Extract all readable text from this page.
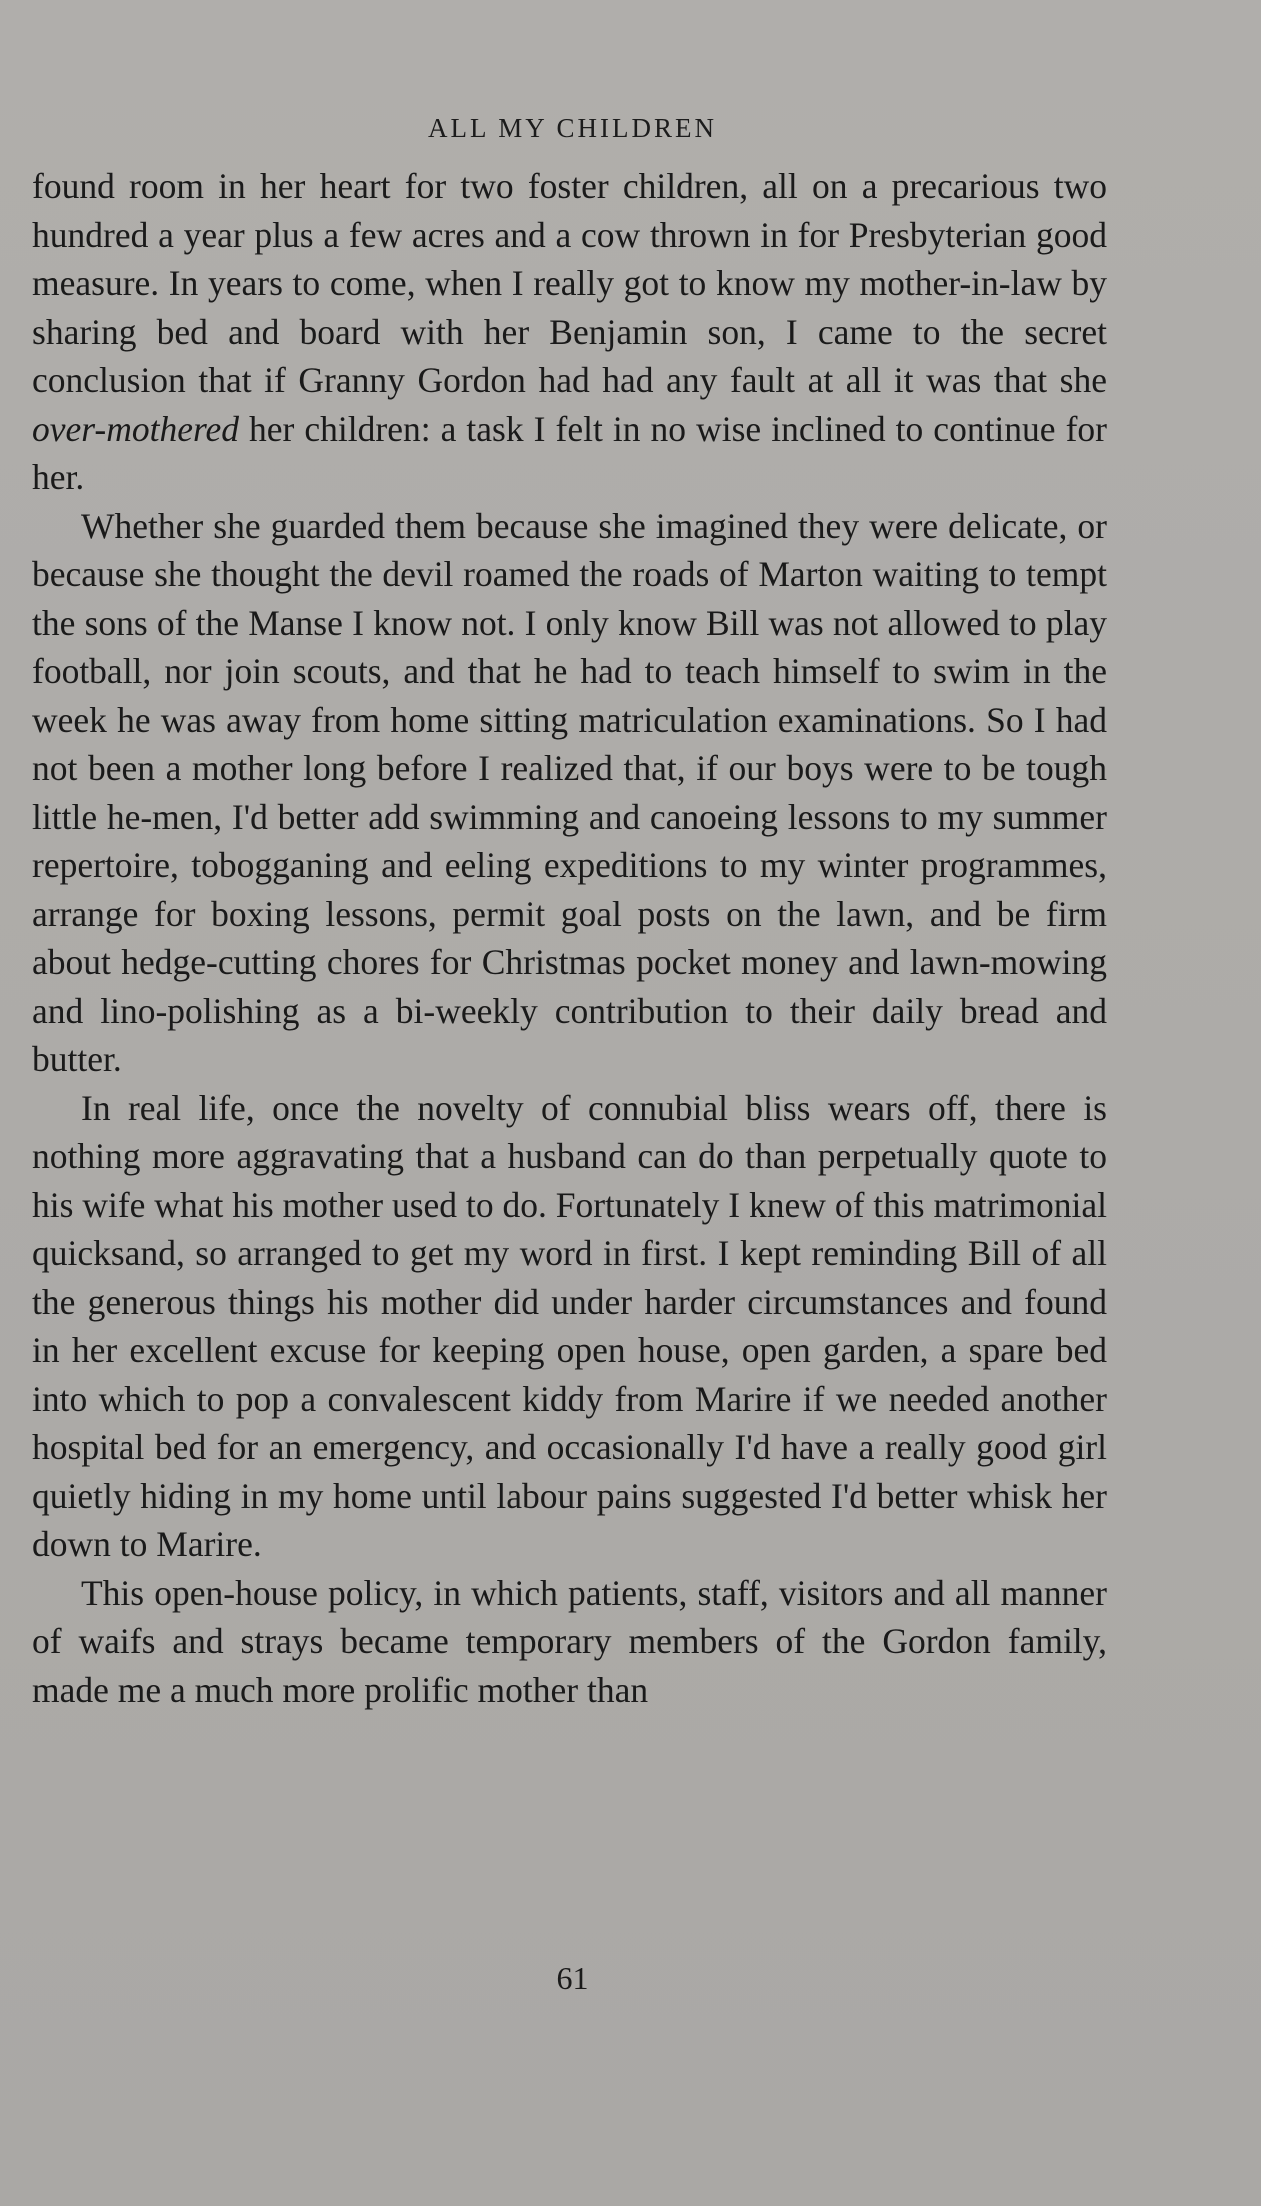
ALL MY CHILDREN

found room in her heart for two foster children, all on a precarious two hundred a year plus a few acres and a cow thrown in for Presbyterian good measure. In years to come, when I really got to know my mother-in-law by sharing bed and board with her Benjamin son, I came to the secret conclusion that if Granny Gordon had had any fault at all it was that she over-mothered her children: a task I felt in no wise inclined to continue for her.

Whether she guarded them because she imagined they were delicate, or because she thought the devil roamed the roads of Marton waiting to tempt the sons of the Manse I know not. I only know Bill was not allowed to play football, nor join scouts, and that he had to teach himself to swim in the week he was away from home sitting matriculation examinations. So I had not been a mother long before I realized that, if our boys were to be tough little he-men, I'd better add swimming and canoeing lessons to my summer repertoire, tobogganing and eeling expeditions to my winter programmes, arrange for boxing lessons, permit goal posts on the lawn, and be firm about hedge-cutting chores for Christmas pocket money and lawn-mowing and lino-polishing as a bi-weekly contribution to their daily bread and butter.

In real life, once the novelty of connubial bliss wears off, there is nothing more aggravating that a husband can do than perpetually quote to his wife what his mother used to do. Fortunately I knew of this matrimonial quicksand, so arranged to get my word in first. I kept reminding Bill of all the generous things his mother did under harder circumstances and found in her excellent excuse for keeping open house, open garden, a spare bed into which to pop a convalescent kiddy from Marire if we needed another hospital bed for an emergency, and occasionally I'd have a really good girl quietly hiding in my home until labour pains suggested I'd better whisk her down to Marire.

This open-house policy, in which patients, staff, visitors and all manner of waifs and strays became temporary members of the Gordon family, made me a much more prolific mother than

61
